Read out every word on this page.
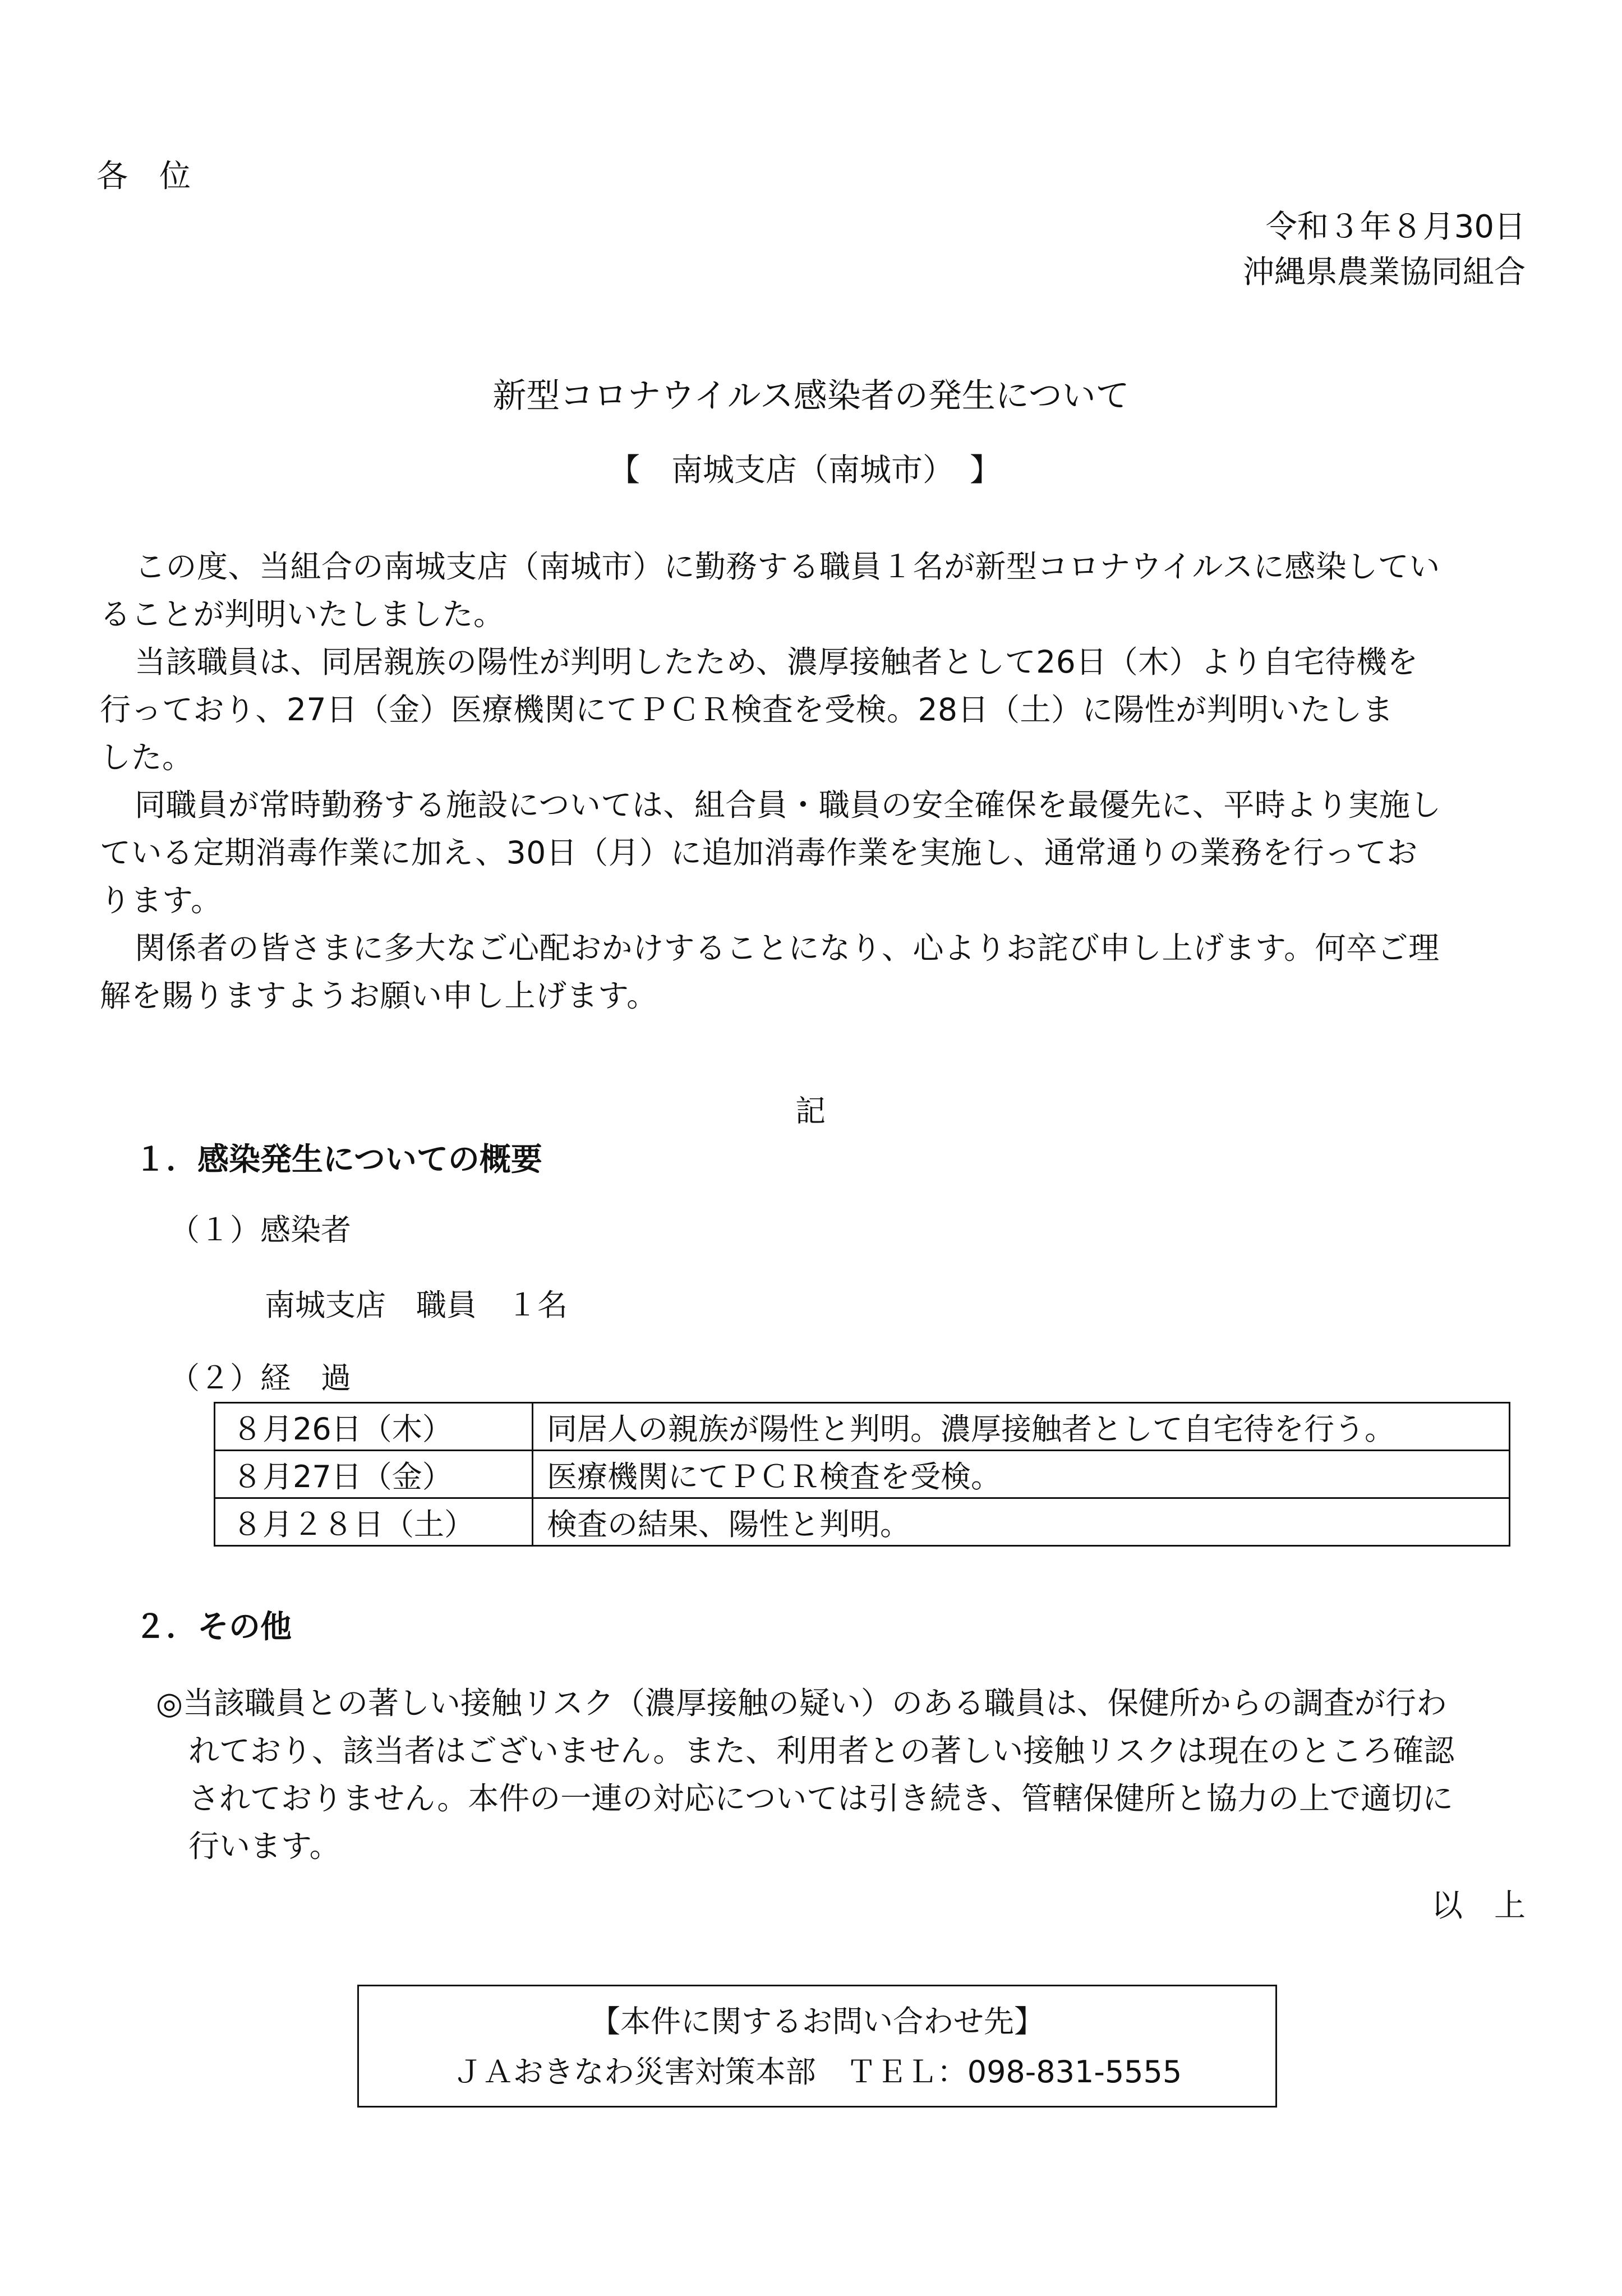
各　位
令和３年８月30日
沖縄県農業協同組合
新型コロナウイルス感染者の発生について
【　南城支店（南城市）　】

この度、当組合の南城支店（南城市）に勤務する職員１名が新型コロナウイルスに感染してい
ることが判明いたしました。

当該職員は、同居親族の陽性が判明したため、濃厚接触者として26日（木）より自宅待機を
行っており、27日（金）医療機関にてＰＣＲ検査を受検。28日（土）に陽性が判明いたしま
した。

同職員が常時勤務する施設については、組合員・職員の安全確保を最優先に、平時より実施し
ている定期消毒作業に加え、30日（月）に追加消毒作業を実施し、通常通りの業務を行ってお
ります。

関係者の皆さまに多大なご心配おかけすることになり、心よりお詫び申し上げます。何卒ご理
解を賜りますようお願い申し上げます。

記
１．感染発生についての概要
（１）感染者
南城支店　職員　１名
（２）経　過
８月26日（木）	同居人の親族が陽性と判明。濃厚接触者として自宅待を行う。
８月27日（金）	医療機関にてＰＣＲ検査を受検。
８月２８日（土）	検査の結果、陽性と判明。
２．その他
◎当該職員との著しい接触リスク（濃厚接触の疑い）のある職員は、保健所からの調査が行わ
れており、該当者はございません。また、利用者との著しい接触リスクは現在のところ確認
されておりません。本件の一連の対応については引き続き、管轄保健所と協力の上で適切に
行います。
以　上
【本件に関するお問い合わせ先】
ＪＡおきなわ災害対策本部　ＴＥＬ：098-831-5555
